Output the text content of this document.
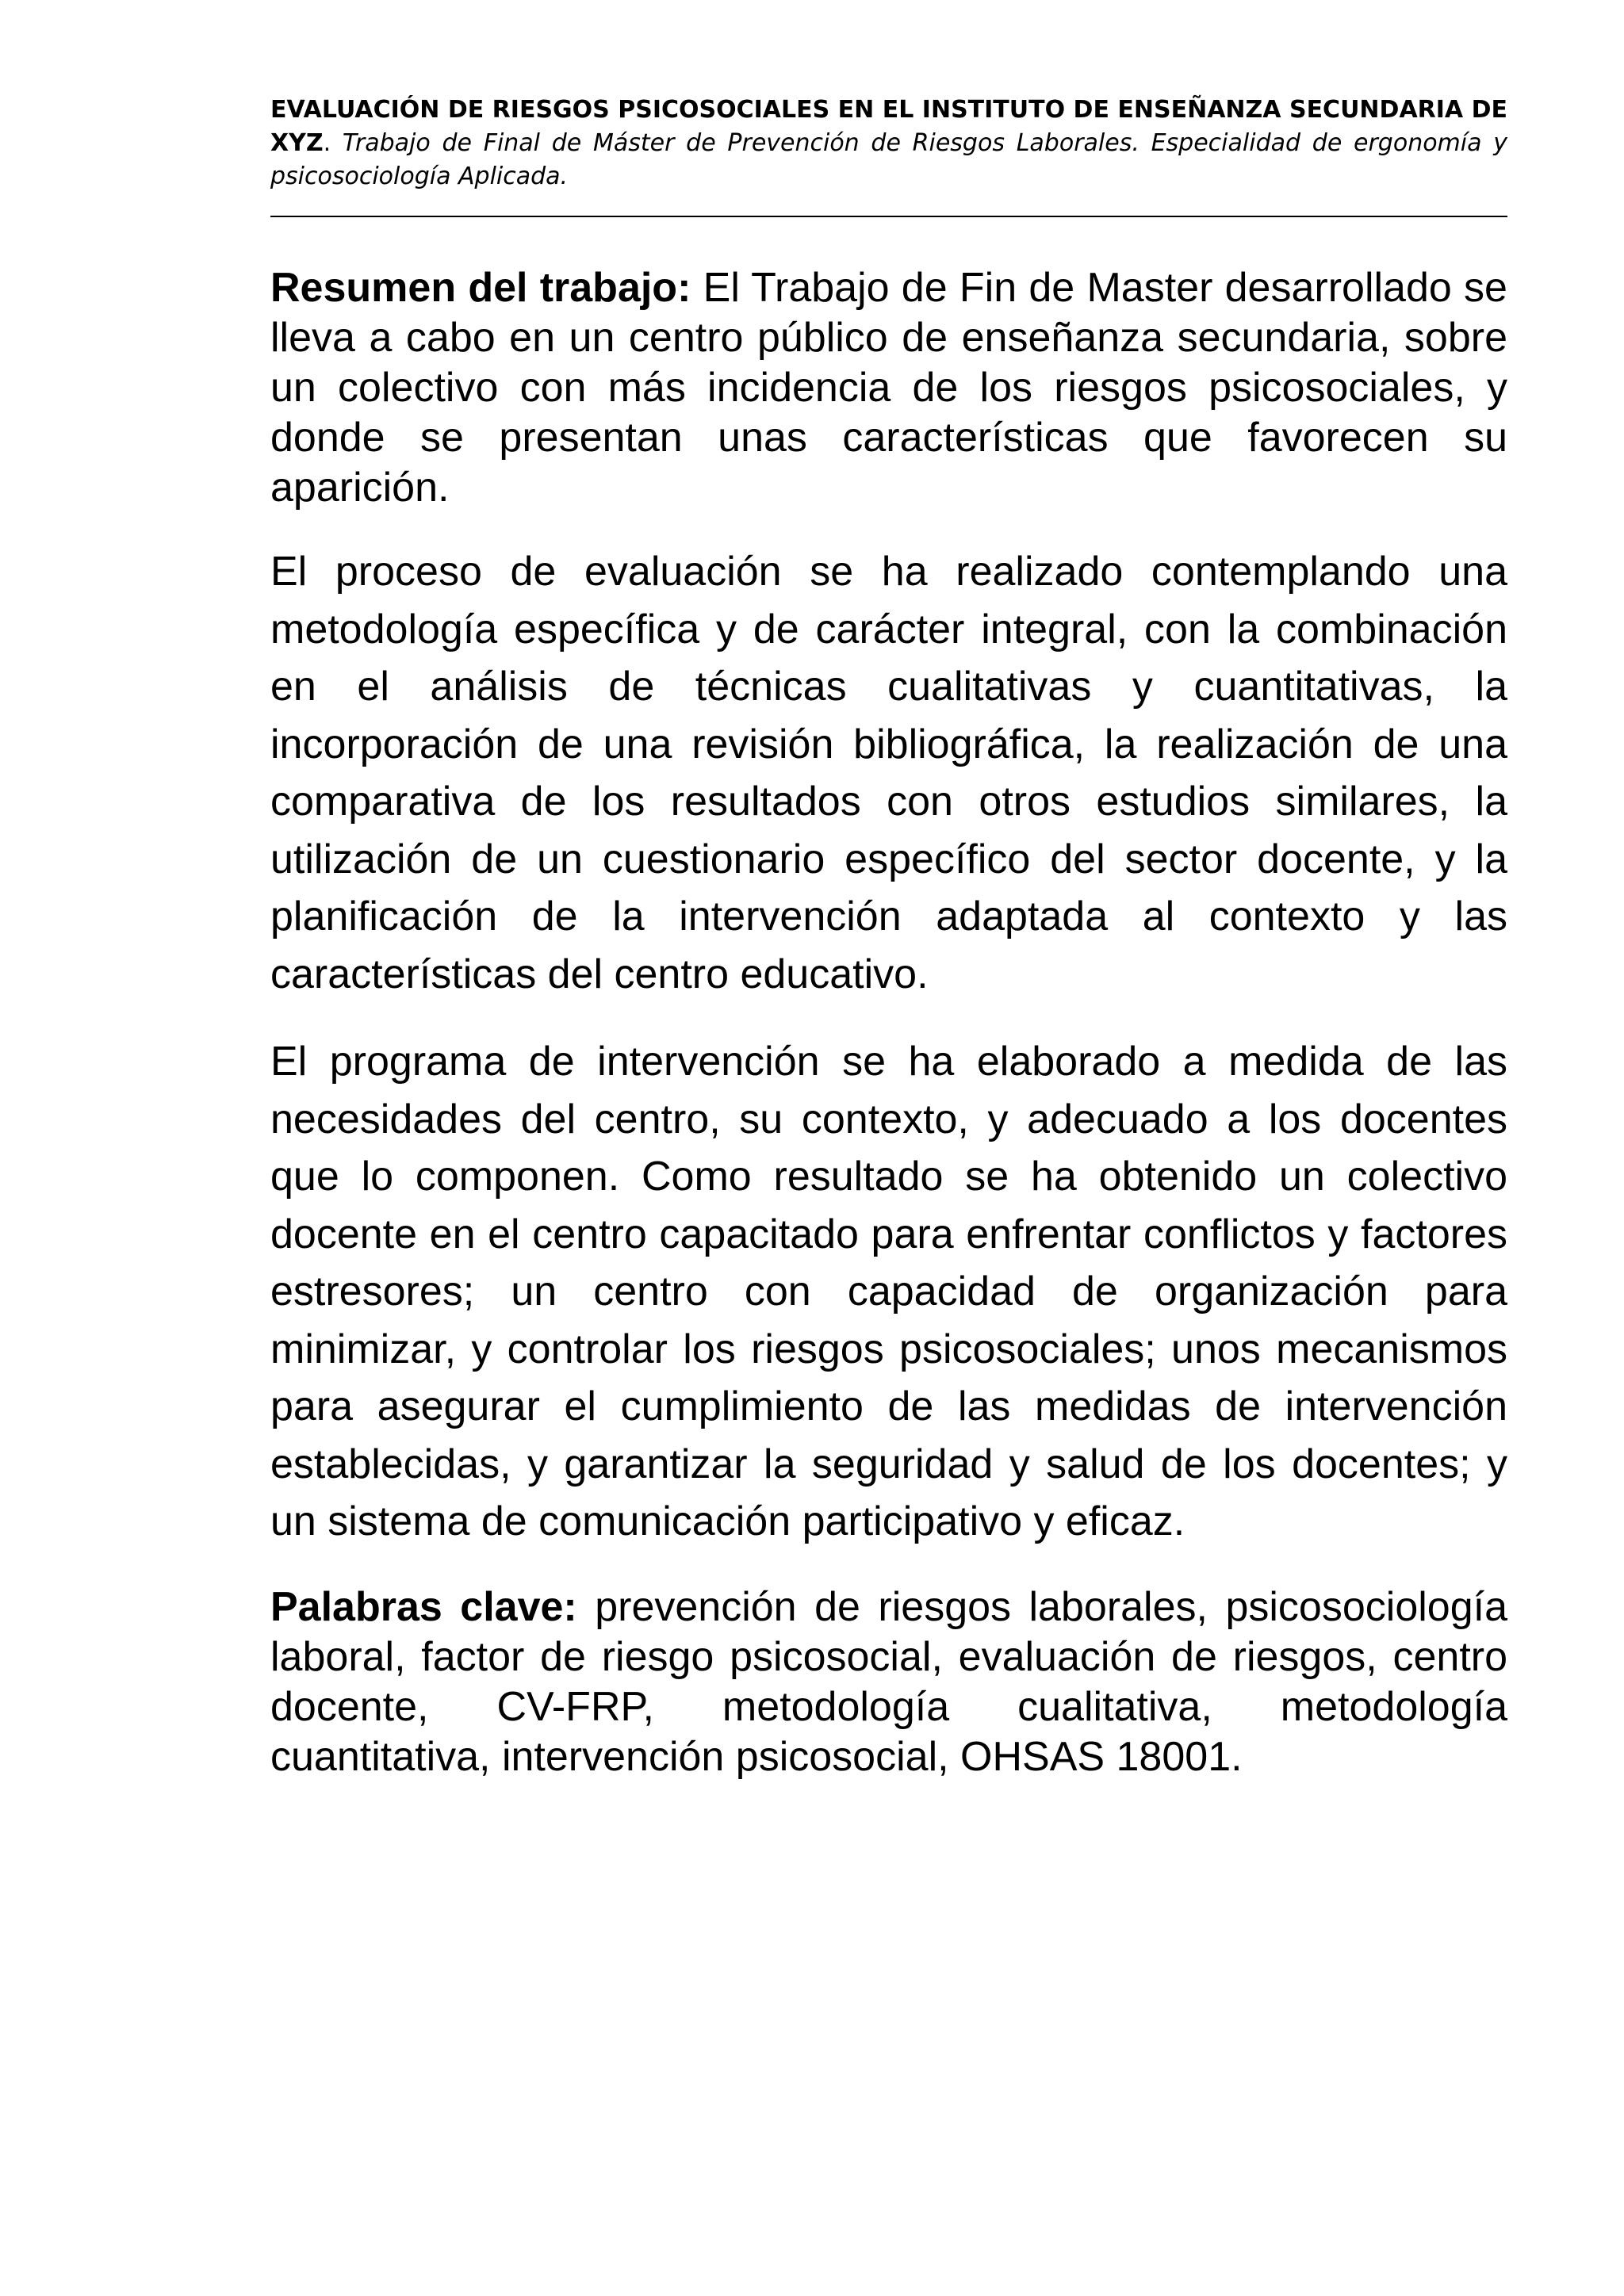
EVALUACIÓN DE RIESGOS PSICOSOCIALES EN EL INSTITUTO DE ENSEÑANZA SECUNDARIA DE XYZ. Trabajo de Final de Máster de Prevención de Riesgos Laborales. Especialidad de ergonomía y psicosociología Aplicada.

Resumen del trabajo: El Trabajo de Fin de Master desarrollado se lleva a cabo en un centro público de enseñanza secundaria, sobre un colectivo con más incidencia de los riesgos psicosociales, y donde se presentan unas características que favorecen su aparición.

El proceso de evaluación se ha realizado contemplando una metodología específica y de carácter integral, con la combinación en el análisis de técnicas cualitativas y cuantitativas, la incorporación de una revisión bibliográfica, la realización de una comparativa de los resultados con otros estudios similares, la utilización de un cuestionario específico del sector docente, y la planificación de la intervención adaptada al contexto y las características del centro educativo.

El programa de intervención se ha elaborado a medida de las necesidades del centro, su contexto, y adecuado a los docentes que lo componen. Como resultado se ha obtenido un colectivo docente en el centro capacitado para enfrentar conflictos y factores estresores; un centro con capacidad de organización para minimizar, y controlar los riesgos psicosociales; unos mecanismos para asegurar el cumplimiento de las medidas de intervención establecidas, y garantizar la seguridad y salud de los docentes; y un sistema de comunicación participativo y eficaz.

Palabras clave: prevención de riesgos laborales, psicosociología laboral, factor de riesgo psicosocial, evaluación de riesgos, centro docente, CV-FRP, metodología cualitativa, metodología cuantitativa, intervención psicosocial, OHSAS 18001.
